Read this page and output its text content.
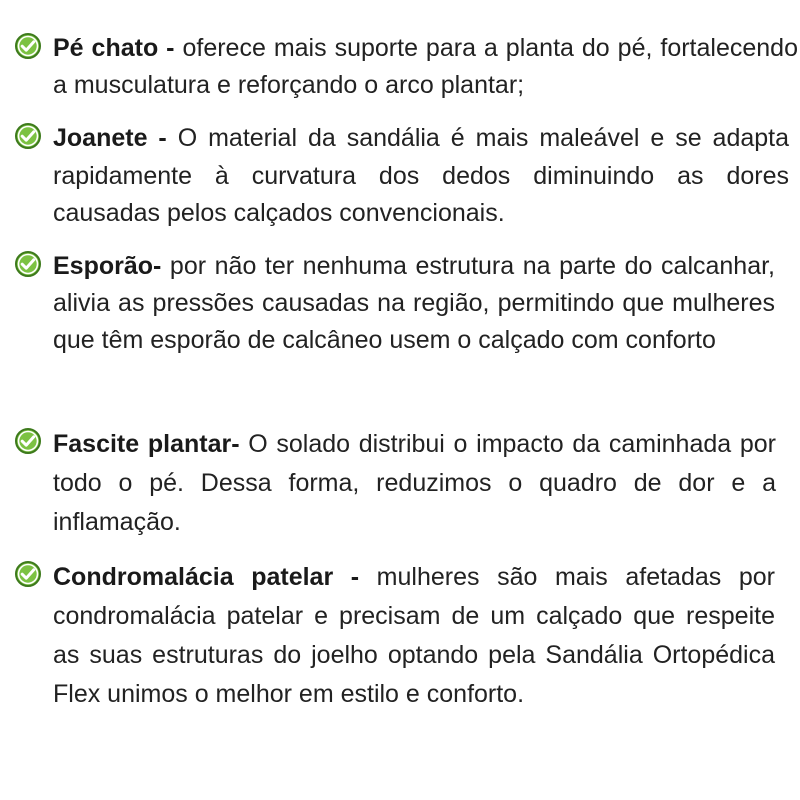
Pé chato - oferece mais suporte para a planta do pé, fortalecendo a musculatura e reforçando o arco plantar;
Joanete - O material da sandália é mais maleável e se adapta rapidamente à curvatura dos dedos diminuindo as dores causadas pelos calçados convencionais.
Esporão- por não ter nenhuma estrutura na parte do calcanhar, alivia as pressões causadas na região, permitindo que mulheres que têm esporão de calcâneo usem o calçado com conforto
Fascite plantar- O solado distribui o impacto da caminhada por todo o pé. Dessa forma, reduzimos o quadro de dor e a inflamação.
Condromalácia patelar - mulheres são mais afetadas por condromalácia patelar e precisam de um calçado que respeite as suas estruturas do joelho optando pela Sandália Ortopédica Flex unimos o melhor em estilo e conforto.
